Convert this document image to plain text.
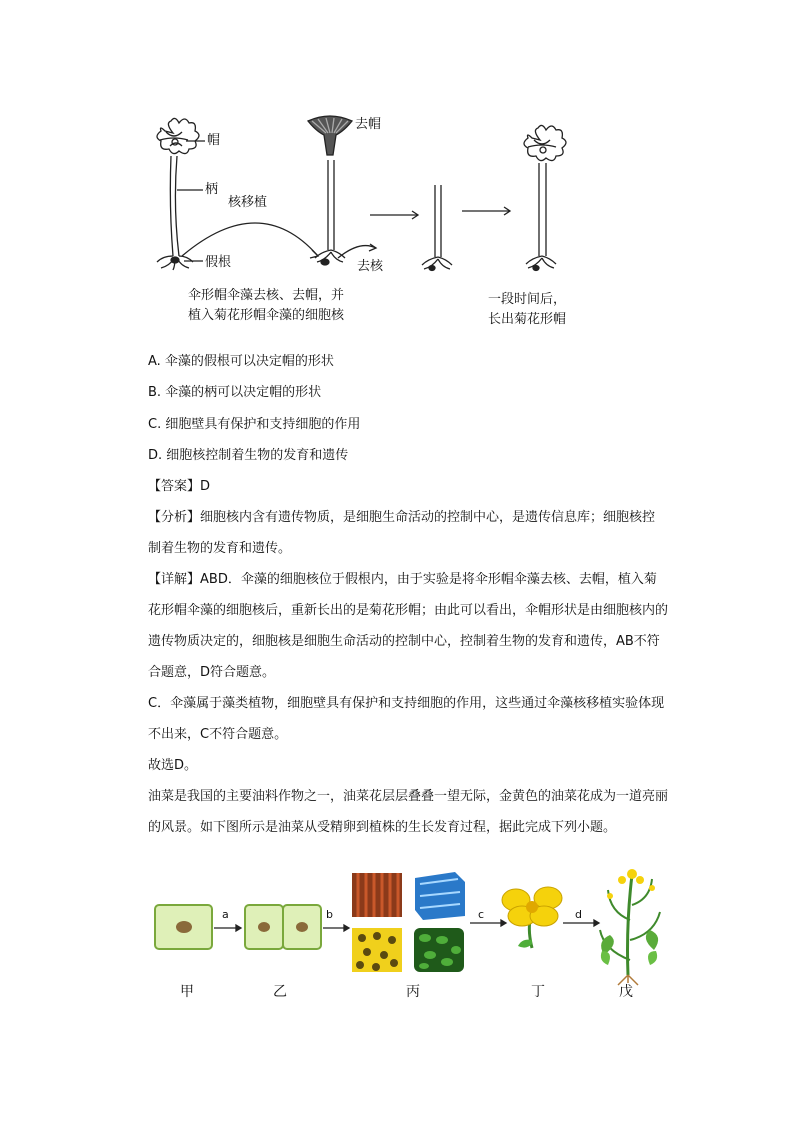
帽
柄
核移植
假根
去帽
去核
伞形帽伞藻去核、去帽，并
植入菊花形帽伞藻的细胞核
一段时间后，
长出菊花形帽
A. 伞藻的假根可以决定帽的形状
B. 伞藻的柄可以决定帽的形状
C. 细胞壁具有保护和支持细胞的作用
D. 细胞核控制着生物的发育和遗传

【答案】D

【分析】细胞核内含有遗传物质，是细胞生命活动的控制中心，是遗传信息库；细胞核控制着生物的发育和遗传。

【详解】ABD．伞藻的细胞核位于假根内，由于实验是将伞形帽伞藻去核、去帽，植入菊花形帽伞藻的细胞核后，重新长出的是菊花形帽；由此可以看出，伞帽形状是由细胞核内的遗传物质决定的，细胞核是细胞生命活动的控制中心，控制着生物的发育和遗传，AB不符合题意，D符合题意。

C．伞藻属于藻类植物，细胞壁具有保护和支持细胞的作用，这些通过伞藻核移植实验体现不出来，C不符合题意。

故选D。

油菜是我国的主要油料作物之一，油菜花层层叠叠一望无际，金黄色的油菜花成为一道亮丽的风景。如下图所示是油菜从受精卵到植株的生长发育过程，据此完成下列小题。

a	b	c	d
甲	乙	丙	丁	戊
